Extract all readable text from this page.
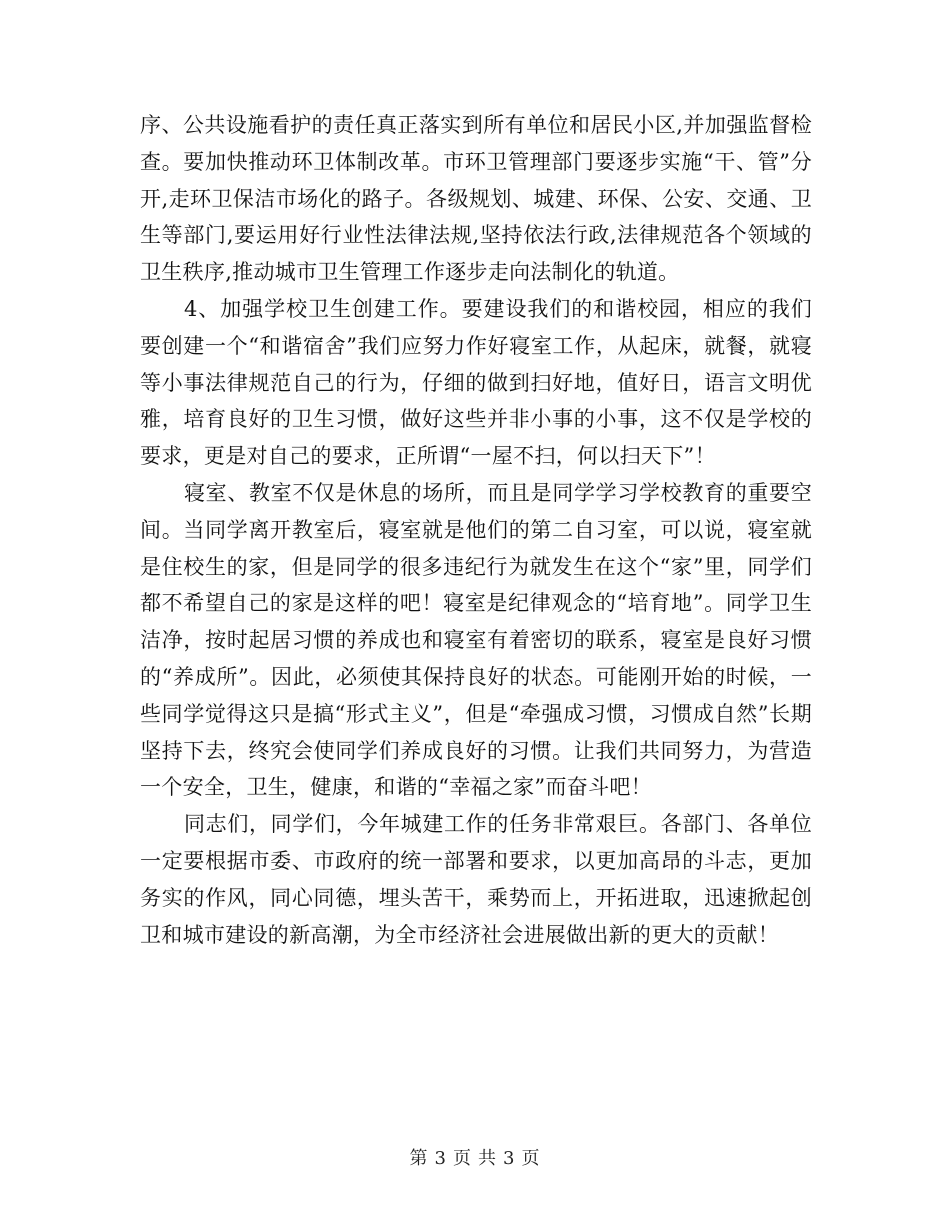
序、公共设施看护的责任真正落实到所有单位和居民小区,并加强监督检查。要加快推动环卫体制改革。市环卫管理部门要逐步实施“干、管”分开,走环卫保洁市场化的路子。各级规划、城建、环保、公安、交通、卫生等部门,要运用好行业性法律法规,坚持依法行政,法律规范各个领域的卫生秩序,推动城市卫生管理工作逐步走向法制化的轨道。

4、加强学校卫生创建工作。要建设我们的和谐校园，相应的我们要创建一个“和谐宿舍”我们应努力作好寝室工作，从起床，就餐，就寝等小事法律规范自己的行为，仔细的做到扫好地，值好日，语言文明优雅，培育良好的卫生习惯，做好这些并非小事的小事，这不仅是学校的要求，更是对自己的要求，正所谓“一屋不扫，何以扫天下”！

寝室、教室不仅是休息的场所，而且是同学学习学校教育的重要空间。当同学离开教室后，寝室就是他们的第二自习室，可以说，寝室就是住校生的家，但是同学的很多违纪行为就发生在这个“家”里，同学们都不希望自己的家是这样的吧！寝室是纪律观念的“培育地”。同学卫生洁净，按时起居习惯的养成也和寝室有着密切的联系，寝室是良好习惯的“养成所”。因此，必须使其保持良好的状态。可能刚开始的时候，一些同学觉得这只是搞“形式主义”，但是“牵强成习惯，习惯成自然”长期坚持下去，终究会使同学们养成良好的习惯。让我们共同努力，为营造一个安全，卫生，健康，和谐的“幸福之家”而奋斗吧！

同志们，同学们，今年城建工作的任务非常艰巨。各部门、各单位一定要根据市委、市政府的统一部署和要求，以更加高昂的斗志，更加务实的作风，同心同德，埋头苦干，乘势而上，开拓进取，迅速掀起创卫和城市建设的新高潮，为全市经济社会进展做出新的更大的贡献！

第 3 页 共 3 页
